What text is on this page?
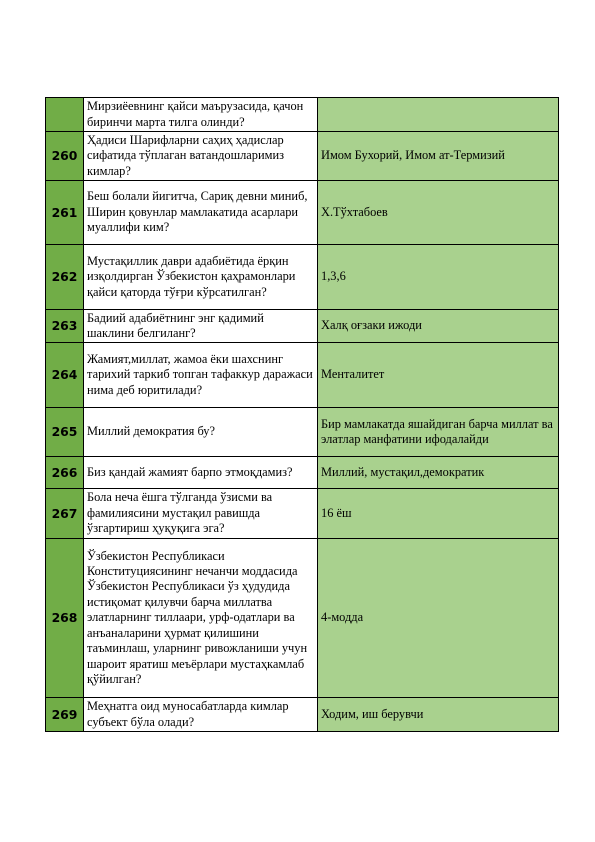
	Мирзиёевнинг қайси маърузасида, қачон биринчи марта тилга олинди?	
260	Ҳадиси Шарифларни саҳиҳ ҳадислар сифатида тўплаган ватандошларимиз кимлар?	Имом Бухорий, Имом ат-Термизий
261	Беш болали йигитча, Сариқ девни миниб, Ширин қовунлар мамлакатида асарлари муаллифи ким?	Х.Тўхтабоев
262	Мустақиллик даври адабиётида ёрқин изқолдирган Ўзбекистон қаҳрамонлари қайси қаторда тўғри кўрсатилган?	1,3,6
263	Бадиий адабиётнинг энг қадимий шаклини белгиланг?	Халқ оғзаки ижоди
264	Жамият,миллат, жамоа ёки шахснинг тарихий таркиб топган тафаккур даражаси нима деб юритилади?	Менталитет
265	Миллий демократия бу?	Бир мамлакатда яшайдиган барча миллат ва элатлар манфатини ифодалайди
266	Биз қандай жамият барпо этмоқдамиз?	Миллий, мустақил,демократик
267	Бола неча ёшга тўлганда ўзисми ва фамилиясини мустақил равишда ўзгартириш ҳуқуқига эга?	16 ёш
268	Ўзбекистон Республикаси Конституциясининг нечанчи моддасида Ўзбекистон Республикаси ўз ҳудудида истиқомат қилувчи барча миллатва элатларнинг тиллаари, урф-одатлари ва анъаналарини ҳурмат қилишини таъминлаш, уларнинг ривожланиши учун шароит яратиш меъёрлари мустаҳкамлаб қўйилган?	4-модда
269	Меҳнатга оид муносабатларда кимлар субъект бўла олади?	Ходим, иш берувчи
